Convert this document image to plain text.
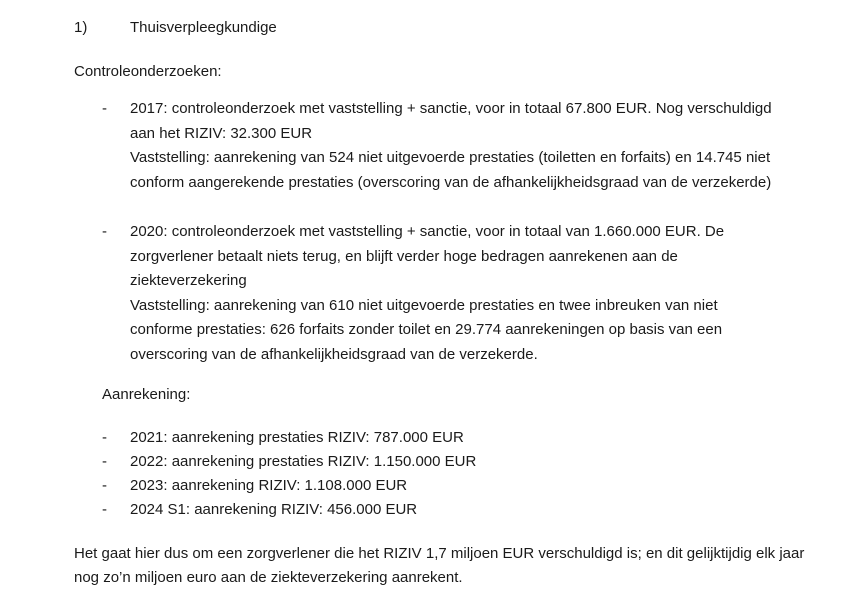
1)	Thuisverpleegkundige
Controleonderzoeken:
- 2017: controleonderzoek met vaststelling + sanctie, voor in totaal 67.800 EUR. Nog verschuldigd aan het RIZIV: 32.300 EUR

Vaststelling: aanrekening van 524 niet uitgevoerde prestaties (toiletten en forfaits) en 14.745 niet conform aangerekende prestaties (overscoring van de afhankelijkheidsgraad van de verzekerde)

- 2020: controleonderzoek met vaststelling + sanctie, voor in totaal van 1.660.000 EUR. De zorgverlener betaalt niets terug, en blijft verder hoge bedragen aanrekenen aan de ziekteverzekering

Vaststelling: aanrekening van 610 niet uitgevoerde prestaties en twee inbreuken van niet conforme prestaties: 626 forfaits zonder toilet en 29.774 aanrekeningen op basis van een overscoring van de afhankelijkheidsgraad van de verzekerde.

Aanrekening:
- 2021: aanrekening prestaties RIZIV: 787.000 EUR
- 2022: aanrekening prestaties RIZIV: 1.150.000 EUR
- 2023: aanrekening RIZIV: 1.108.000 EUR
- 2024 S1: aanrekening RIZIV: 456.000 EUR
Het gaat hier dus om een zorgverlener die het RIZIV 1,7 miljoen EUR verschuldigd is; en dit gelijktijdig elk jaar nog zo’n miljoen euro aan de ziekteverzekering aanrekent.
